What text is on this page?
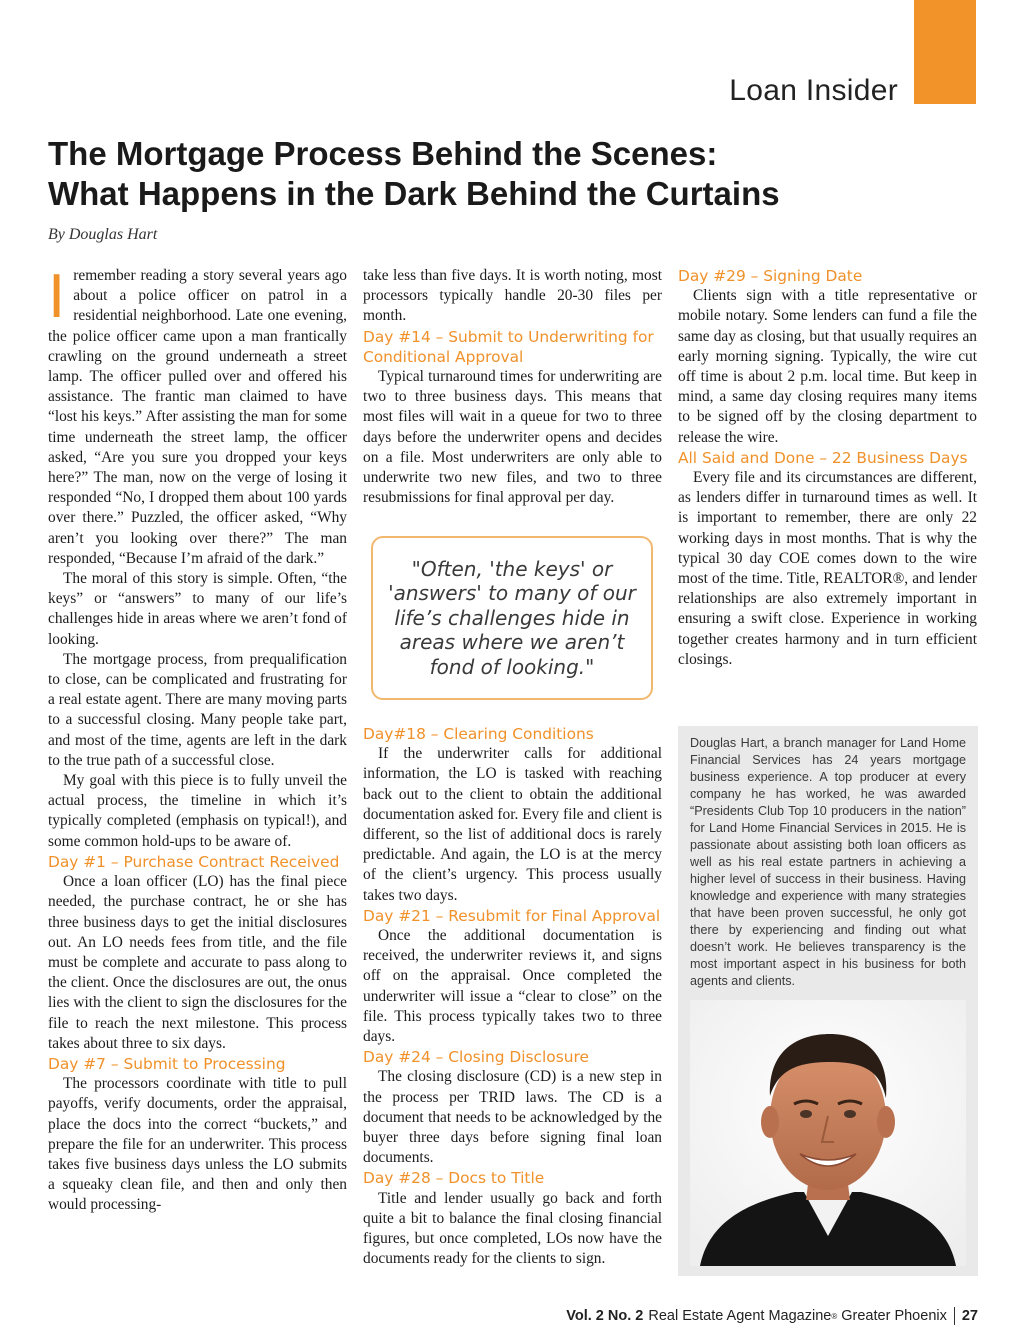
Loan Insider
The Mortgage Process Behind the Scenes:
What Happens in the Dark Behind the Curtains
By Douglas Hart

Iremember reading a story several years ago about a police officer on patrol in a residential neighborhood. Late one evening, the police officer came upon a man frantically crawling on the ground underneath a street lamp. The officer pulled over and offered his assistance. The frantic man claimed to have “lost his keys.” After assisting the man for some time underneath the street lamp, the officer asked, “Are you sure you dropped your keys here?” The man, now on the verge of losing it responded “No, I dropped them about 100 yards over there.” Puzzled, the officer asked, “Why aren’t you looking over there?” The man responded, “Because I’m afraid of the dark.”

The moral of this story is simple. Often, “the keys” or “answers” to many of our life’s challenges hide in areas where we aren’t fond of looking.

The mortgage process, from prequalification to close, can be complicated and frustrating for a real estate agent. There are many moving parts to a successful closing. Many people take part, and most of the time, agents are left in the dark to the true path of a successful close.

My goal with this piece is to fully unveil the actual process, the timeline in which it’s typically completed (emphasis on typical!), and some common hold-ups to be aware of.

Day #1 – Purchase Contract Received

Once a loan officer (LO) has the final piece needed, the purchase contract, he or she has three business days to get the initial disclosures out. An LO needs fees from title, and the file must be complete and accurate to pass along to the client. Once the disclosures are out, the onus lies with the client to sign the disclosures for the file to reach the next milestone. This process takes about three to six days.

Day #7 – Submit to Processing

The processors coordinate with title to pull payoffs, verify documents, order the appraisal, place the docs into the correct “buckets,” and prepare the file for an underwriter. This process takes five business days unless the LO submits a squeaky clean file, and then and only then would processing-

take less than five days. It is worth noting, most processors typically handle 20-30 files per month.

Day #14 – Submit to Underwriting for Conditional Approval

Typical turnaround times for underwriting are two to three business days. This means that most files will wait in a queue for two to three days before the underwriter opens and decides on a file. Most underwriters are only able to underwrite two new files, and two to three resubmissions for final approval per day.

"Often, 'the keys' or 'answers' to many of our life’s challenges hide in areas where we aren’t fond of looking."
Day#18 – Clearing Conditions

If the underwriter calls for additional information, the LO is tasked with reaching back out to the client to obtain the additional documentation asked for. Every file and client is different, so the list of additional docs is rarely predictable. And again, the LO is at the mercy of the client’s urgency. This process usually takes two days.

Day #21 – Resubmit for Final Approval

Once the additional documentation is received, the underwriter reviews it, and signs off on the appraisal. Once completed the underwriter will issue a “clear to close” on the file. This process typically takes two to three days.

Day #24 – Closing Disclosure

The closing disclosure (CD) is a new step in the process per TRID laws. The CD is a document that needs to be acknowledged by the buyer three days before signing final loan documents.

Day #28 – Docs to Title

Title and lender usually go back and forth quite a bit to balance the final closing financial figures, but once completed, LOs now have the documents ready for the clients to sign.

Day #29 – Signing Date

Clients sign with a title representative or mobile notary. Some lenders can fund a file the same day as closing, but that usually requires an early morning signing. Typically, the wire cut off time is about 2 p.m. local time. But keep in mind, a same day closing requires many items to be signed off by the closing department to release the wire.

All Said and Done – 22 Business Days

Every file and its circumstances are different, as lenders differ in turnaround times as well. It is important to remember, there are only 22 working days in most months. That is why the typical 30 day COE comes down to the wire most of the time. Title, REALTOR®, and lender relationships are also extremely important in ensuring a swift close. Experience in working together creates harmony and in turn efficient closings.

Douglas Hart, a branch manager for Land Home Financial Services has 24 years mortgage business experience. A top producer at every company he has worked, he was awarded “Presidents Club Top 10 producers in the nation” for Land Home Financial Services in 2015. He is passionate about assisting both loan officers as well as his real estate partners in achieving a higher level of success in their business. Having knowledge and experience with many strategies that have been proven successful, he only got there by experiencing and finding out what doesn’t work. He believes transparency is the most important aspect in his business for both agents and clients.

Vol. 2 No. 2 Real Estate Agent Magazine ®
Greater Phoenix 27
